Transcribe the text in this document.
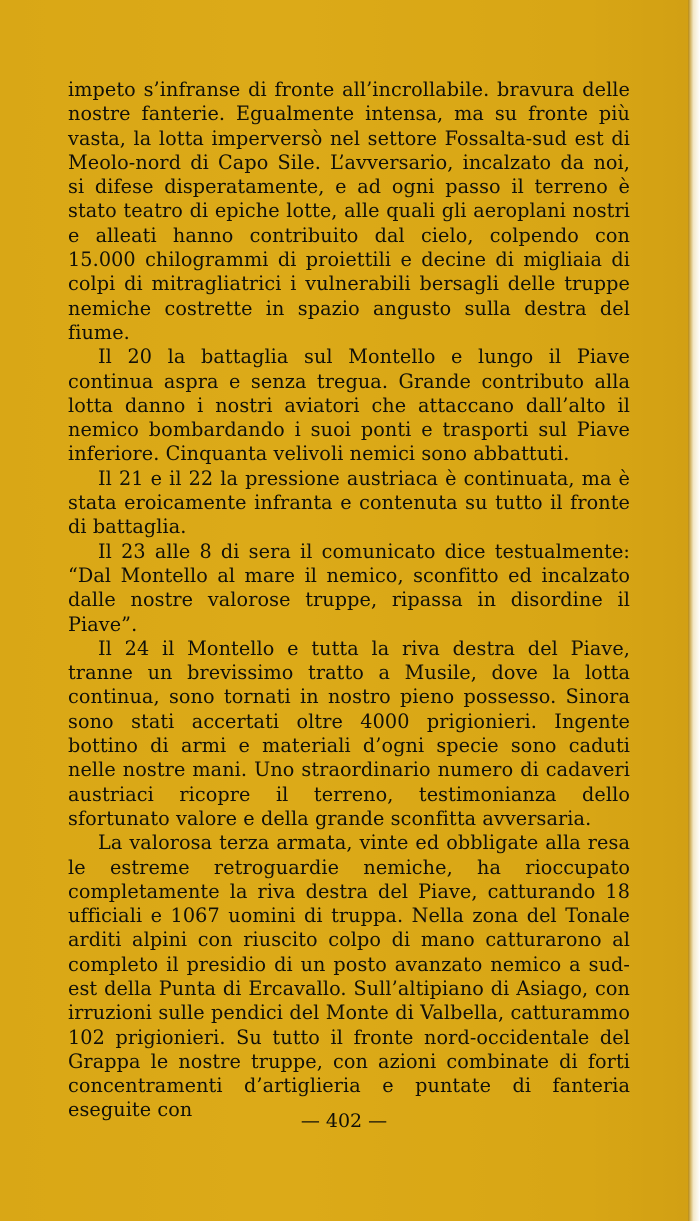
impeto s’infranse di fronte all’incrollabile. bravura delle nostre fanterie. Egualmente intensa, ma su fronte più vasta, la lotta imperversò nel settore Fossalta-sud est di Meolo-nord di Capo Sile. L’avversario, incalzato da noi, si difese disperatamente, e ad ogni passo il terreno è stato teatro di epiche lotte, alle quali gli aeroplani nostri e alleati hanno contribuito dal cielo, colpendo con 15.000 chilogrammi di proiettili e decine di migliaia di colpi di mitragliatrici i vulnerabili bersagli delle truppe nemiche costrette in spazio angusto sulla destra del fiume.

Il 20 la battaglia sul Montello e lungo il Piave continua aspra e senza tregua. Grande contributo alla lotta danno i nostri aviatori che attaccano dall’alto il nemico bombardando i suoi ponti e trasporti sul Piave inferiore. Cinquanta velivoli nemici sono abbattuti.

Il 21 e il 22 la pressione austriaca è continuata, ma è stata eroicamente infranta e contenuta su tutto il fronte di battaglia.

Il 23 alle 8 di sera il comunicato dice testualmente: “Dal Montello al mare il nemico, sconfitto ed incalzato dalle nostre valorose truppe, ripassa in disordine il Piave”.

Il 24 il Montello e tutta la riva destra del Piave, tranne un brevissimo tratto a Musile, dove la lotta continua, sono tornati in nostro pieno possesso. Sinora sono stati accertati oltre 4000 prigionieri. Ingente bottino di armi e materiali d’ogni specie sono caduti nelle nostre mani. Uno straordinario numero di cadaveri austriaci ricopre il terreno, testimonianza dello sfortunato valore e della grande sconfitta avversaria.

La valorosa terza armata, vinte ed obbligate alla resa le estreme retroguardie nemiche, ha rioccupato completamente la riva destra del Piave, catturando 18 ufficiali e 1067 uomini di truppa. Nella zona del Tonale arditi alpini con riuscito colpo di mano catturarono al completo il presidio di un posto avanzato nemico a sud-est della Punta di Ercavallo. Sull’altipiano di Asiago, con irruzioni sulle pendici del Monte di Valbella, catturammo 102 prigionieri. Su tutto il fronte nord-occidentale del Grappa le nostre truppe, con azioni combinate di forti concentramenti d’artiglieria e puntate di fanteria eseguite con	— 402 —
